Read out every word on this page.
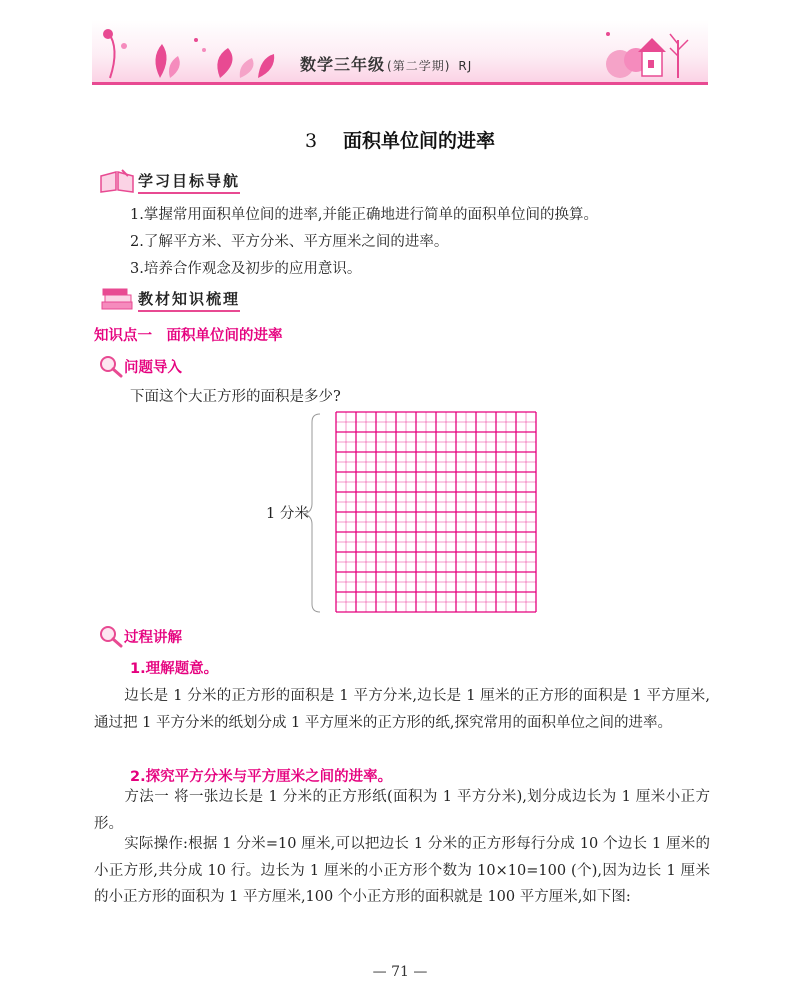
数学三年级 (第二学期) RJ
3 面积单位间的进率
学习目标导航
1.掌握常用面积单位间的进率,并能正确地进行简单的面积单位间的换算。
2.了解平方米、平方分米、平方厘米之间的进率。
3.培养合作观念及初步的应用意识。
教材知识梳理
知识点一　面积单位间的进率
问题导入
下面这个大正方形的面积是多少?
1 分米
过程讲解
1.理解题意。
边长是 1 分米的正方形的面积是 1 平方分米,边长是 1 厘米的正方形的面积是 1 平方厘米,通过把 1 平方分米的纸划分成 1 平方厘米的正方形的纸,探究常用的面积单位之间的进率。
2.探究平方分米与平方厘米之间的进率。
方法一 将一张边长是 1 分米的正方形纸(面积为 1 平方分米),划分成边长为 1 厘米小正方形。
实际操作:根据 1 分米=10 厘米,可以把边长 1 分米的正方形每行分成 10 个边长 1 厘米的小正方形,共分成 10 行。边长为 1 厘米的小正方形个数为 10×10=100 (个),因为边长 1 厘米的小正方形的面积为 1 平方厘米,100 个小正方形的面积就是 100 平方厘米,如下图:
— 71 —
